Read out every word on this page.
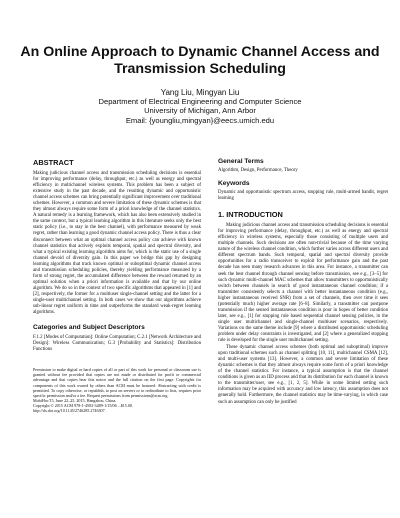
An Online Approach to Dynamic Channel Access and
Transmission Scheduling
Yang Liu, Mingyan Liu
Department of Electrical Engineering and Computer Science
University of Michigan, Ann Arbor
Email: {youngliu,mingyan}@eecs.umich.edu
ABSTRACT

Making judicious channel access and transmission scheduling decisions is essential for improving performance (delay, throughput, etc.) as well as energy and spectral efficiency in multichannel wireless systems. This problem has been a subject of extensive study in the past decade, and the resulting dynamic and opportunistic channel access schemes can bring potentially significant improvement over traditional schemes. However, a common and severe limitation of these dynamic schemes is that they almost always require some form of a priori knowledge of the channel statistics. A natural remedy is a learning framework, which has also been extensively studied in the same context, but a typical learning algorithm in this literature seeks only the best static policy (i.e., to stay in the best channel), with performance measured by weak regret, rather than learning a good dynamic channel access policy. There is thus a clear disconnect between what an optimal channel access policy can achieve with known channel statistics that actively exploits temporal, spatial and spectral diversity, and what a typical existing learning algorithm aims for, which is the static use of a single channel devoid of diversity gain. In this paper we bridge this gap by designing learning algorithms that track known optimal or suboptimal dynamic channel access and transmission scheduling policies, thereby yielding performance measured by a form of strong regret, the accumulated difference between the reward returned by an optimal solution when a priori information is available and that by our online algorithm. We do so in the context of two specific algorithms that appeared in [1] and [2], respectively, the former for a multiuser single-channel setting and the latter for a single-user multichannel setting. In both cases we show that our algorithms achieve sub-linear regret uniform in time and outperforms the standard weak-regret learning algorithms.

Categories and Subject Descriptors

F.1.2 [Modes of Computation]: Online Computation; C.2.1 [Network Architecture and Design]: Wireless Communication; G.3 [Probability and Statistics]: Distribution Functions

Permission to make digital or hard copies of all or part of this work for personal or classroom use is granted without fee provided that copies are not made or distributed for profit or commercial advantage and that copies bear this notice and the full citation on the first page. Copyrights for components of this work owned by others than ACM must be honored. Abstracting with credit is permitted. To copy otherwise, or republish, to post on servers or to redistribute to lists, requires prior specific permission and/or a fee. Request permissions from permissions@acm.org.

MobiHoc'15, June 22–25, 2015, Hangzhou, China.

Copyright © 2015 ACM 978-1-4503-3489-1/15/06 ...$15.00.

http://dx.doi.org/10.1145/2746285.2746307.

General Terms

Algorithm, Design, Performance, Theory

Keywords

Dynamic and opportunistic spectrum access, stopping rule, multi-armed bandit, regret learning

1. INTRODUCTION

Making judicious channel access and transmission scheduling decisions is essential for improving performance (delay, throughput, etc.) as well as energy and spectral efficiency in wireless systems, especially those consisting of multiple users and multiple channels. Such decisions are often non-trivial because of the time varying nature of the wireless channel condition, which further varies across different users and different spectrum bands. Such temporal, spatial and spectral diversity provide opportunities for a radio transceiver to exploit for performance gain and the past decade has seen many research advances in this area. For instance, a transmitter can seek the best channel through channel sensing before transmission, see e.g., [3–5] for such dynamic multi-channel MAC schemes that allow transmitters to opportunistically switch between channels in search of good instantaneous channel condition; if a transmitter consistently selects a channel with better instantaneous condition (e.g., higher instantaneous received SNR) from a set of channels, then over time it sees (potentially much) higher average rate [6–8]. Similarly, a transmitter can postpone transmission if the sensed instantaneous condition is poor in hopes of better condition later, see e.g., [1] for stopping rule based sequential channel sensing policies, in the single user multichannel and single-channel multiuser scenarios, respectively. Variations on the same theme include [9] where a distributed opportunistic scheduling problem under delay constraints is investigated, and [2] where a generalized stopping rule is developed for the single user multichannel setting.

These dynamic channel access schemes (both optimal and suboptimal) improve upon traditional schemes such as channel splitting [10, 11], multichannel CSMA [12], and multi-user systems [13]. However, a common and severe limitation of these dynamic schemes is that they almost always require some form of a priori knowledge of the channel statistics. For instance, a typical assumption is that the channel conditions is given as an IID process and that its distribution for each channel is known to the transmitter/user, see e.g., [1, 2, 5]. While in some limited setting such information may be acquired with accuracy and low latency, this assumption does not generally hold. Furthermore, the channel statistics may be time-varying, in which case such an assumption can only be justified
